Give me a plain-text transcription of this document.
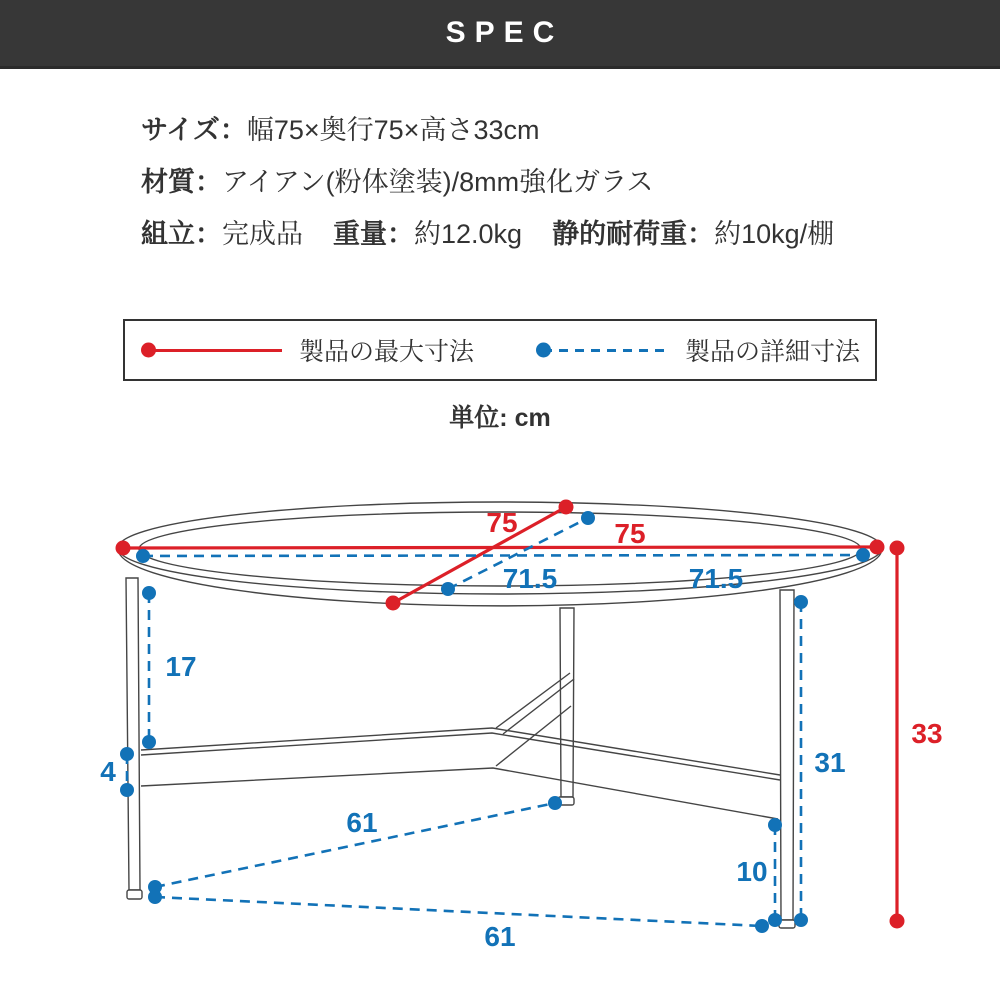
SPEC

サイズ：幅75×奥行75×高さ33cm

材質：アイアン(粉体塗装)/8mm強化ガラス

組立：完成品 重量：約12.0kg 静的耐荷重：約10kg/棚

製品の最大寸法	製品の詳細寸法
単位: cm
75	75
33
71.5	71.5
17
4	31
10
61
61
